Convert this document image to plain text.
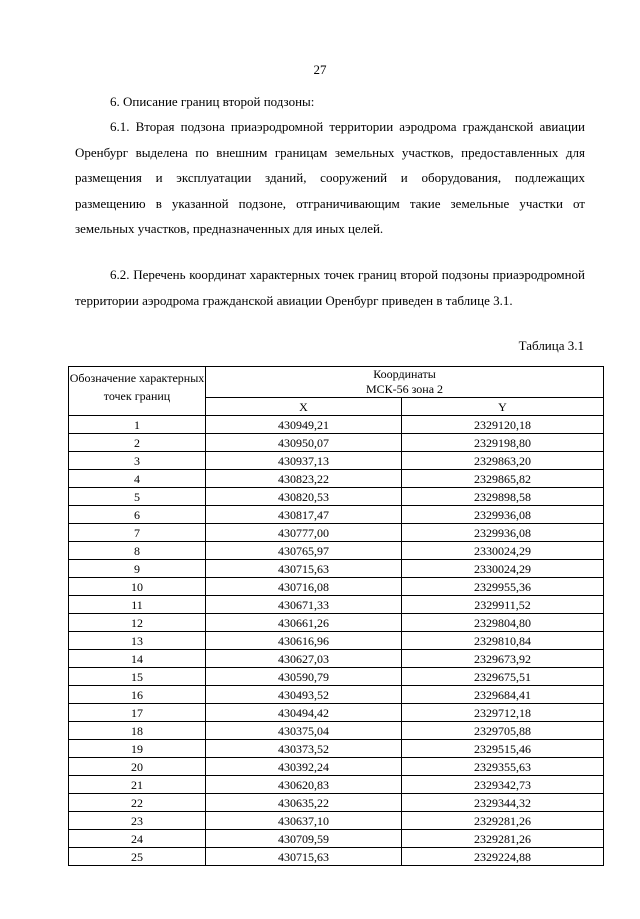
27
6. Описание границ второй подзоны:
6.1. Вторая подзона приаэродромной территории аэродрома гражданской авиации Оренбург выделена по внешним границам земельных участков, предоставленных для размещения и эксплуатации зданий, сооружений и оборудования, подлежащих размещению в указанной подзоне, отграничивающим такие земельные участки от земельных участков, предназначенных для иных целей.
6.2. Перечень координат характерных точек границ второй подзоны приаэродромной территории аэродрома гражданской авиации Оренбург приведен в таблице 3.1.
Таблица 3.1
Обозначение характерных точек границ	Координаты
МСК-56 зона 2	

	X	Y
1	430949,21	2329120,18
2	430950,07	2329198,80
3	430937,13	2329863,20
4	430823,22	2329865,82
5	430820,53	2329898,58
6	430817,47	2329936,08
7	430777,00	2329936,08
8	430765,97	2330024,29
9	430715,63	2330024,29
10	430716,08	2329955,36
11	430671,33	2329911,52
12	430661,26	2329804,80
13	430616,96	2329810,84
14	430627,03	2329673,92
15	430590,79	2329675,51
16	430493,52	2329684,41
17	430494,42	2329712,18
18	430375,04	2329705,88
19	430373,52	2329515,46
20	430392,24	2329355,63
21	430620,83	2329342,73
22	430635,22	2329344,32
23	430637,10	2329281,26
24	430709,59	2329281,26
25	430715,63	2329224,88
